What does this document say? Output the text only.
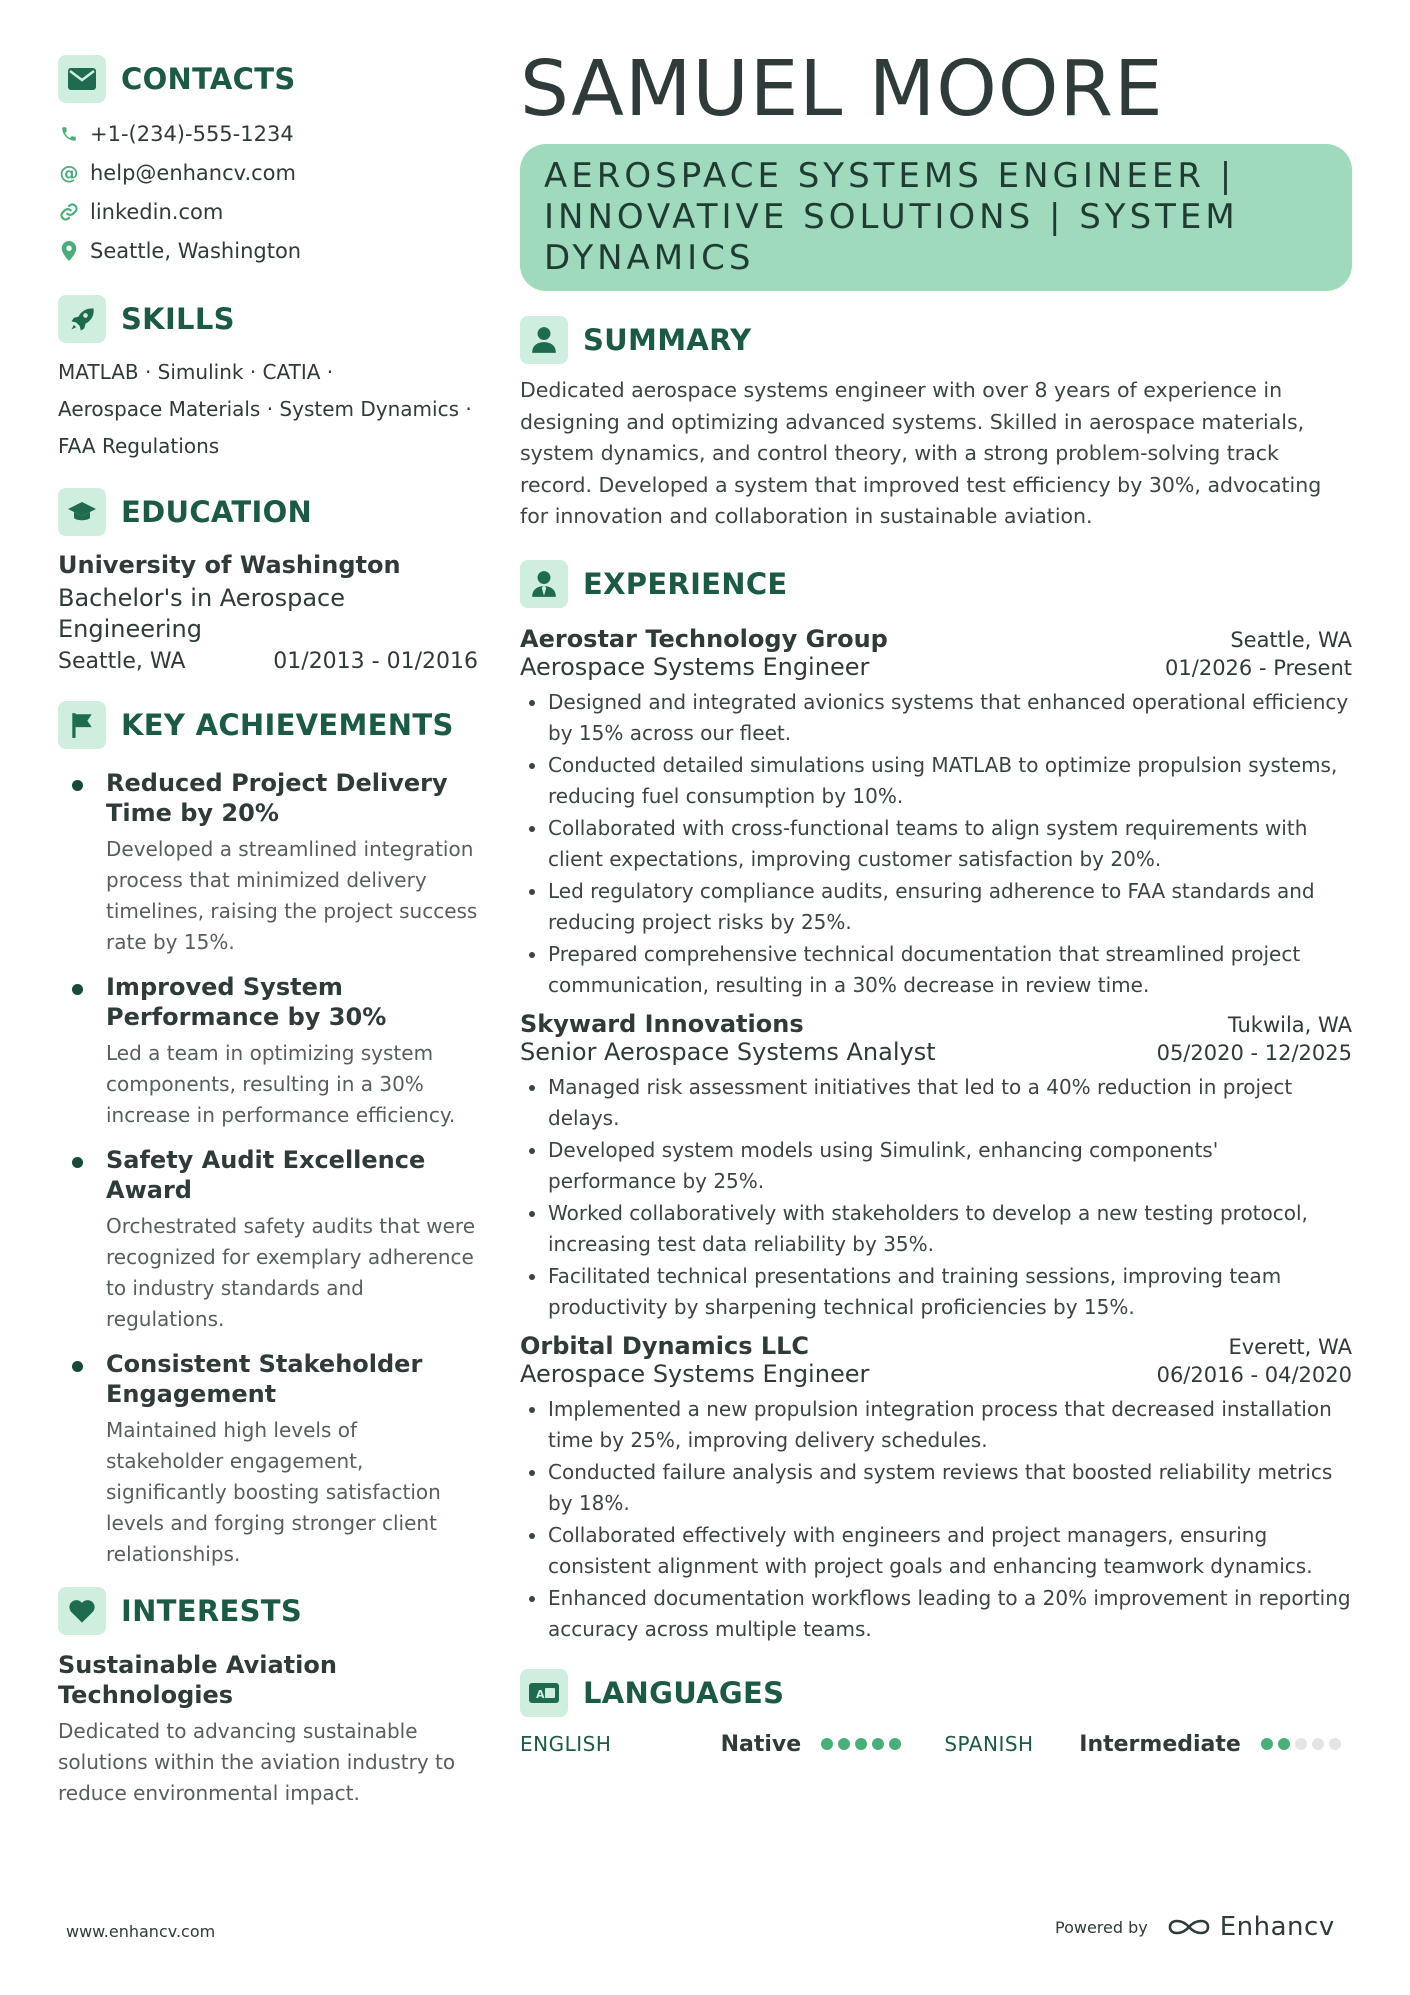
CONTACTS
+1-(234)-555-1234
@ help@enhancv.com
linkedin.com
Seattle, Washington
SKILLS
MATLAB · Simulink · CATIA ·
Aerospace Materials · System Dynamics ·
FAA Regulations
EDUCATION
University of Washington
Bachelor's in Aerospace Engineering
Seattle, WA	01/2013 - 01/2016
KEY ACHIEVEMENTS
Reduced Project Delivery Time by 20%
Developed a streamlined integration process that minimized delivery timelines, raising the project success rate by 15%.
Improved System Performance by 30%
Led a team in optimizing system components, resulting in a 30% increase in performance efficiency.
Safety Audit Excellence Award
Orchestrated safety audits that were recognized for exemplary adherence to industry standards and regulations.
Consistent Stakeholder Engagement
Maintained high levels of stakeholder engagement, significantly boosting satisfaction levels and forging stronger client relationships.
INTERESTS
Sustainable Aviation Technologies
Dedicated to advancing sustainable solutions within the aviation industry to reduce environmental impact.
SAMUEL MOORE
AEROSPACE SYSTEMS ENGINEER | INNOVATIVE SOLUTIONS | SYSTEM DYNAMICS
SUMMARY
Dedicated aerospace systems engineer with over 8 years of experience in designing and optimizing advanced systems. Skilled in aerospace materials, system dynamics, and control theory, with a strong problem-solving track record. Developed a system that improved test efficiency by 30%, advocating for innovation and collaboration in sustainable aviation.
EXPERIENCE
Aerostar Technology Group	Seattle, WA
Aerospace Systems Engineer	01/2026 - Present
Designed and integrated avionics systems that enhanced operational efficiency by 15% across our fleet.
Conducted detailed simulations using MATLAB to optimize propulsion systems, reducing fuel consumption by 10%.
Collaborated with cross-functional teams to align system requirements with client expectations, improving customer satisfaction by 20%.
Led regulatory compliance audits, ensuring adherence to FAA standards and reducing project risks by 25%.
Prepared comprehensive technical documentation that streamlined project communication, resulting in a 30% decrease in review time.
Skyward Innovations	Tukwila, WA
Senior Aerospace Systems Analyst	05/2020 - 12/2025
Managed risk assessment initiatives that led to a 40% reduction in project delays.
Developed system models using Simulink, enhancing components' performance by 25%.
Worked collaboratively with stakeholders to develop a new testing protocol, increasing test data reliability by 35%.
Facilitated technical presentations and training sessions, improving team productivity by sharpening technical proficiencies by 15%.
Orbital Dynamics LLC	Everett, WA
Aerospace Systems Engineer	06/2016 - 04/2020
Implemented a new propulsion integration process that decreased installation time by 25%, improving delivery schedules.
Conducted failure analysis and system reviews that boosted reliability metrics by 18%.
Collaborated effectively with engineers and project managers, ensuring consistent alignment with project goals and enhancing teamwork dynamics.
Enhanced documentation workflows leading to a 20% improvement in reporting accuracy across multiple teams.
A LANGUAGES
ENGLISH	Native	SPANISH	Intermediate
www.enhancv.com	Powered by	Enhancv
